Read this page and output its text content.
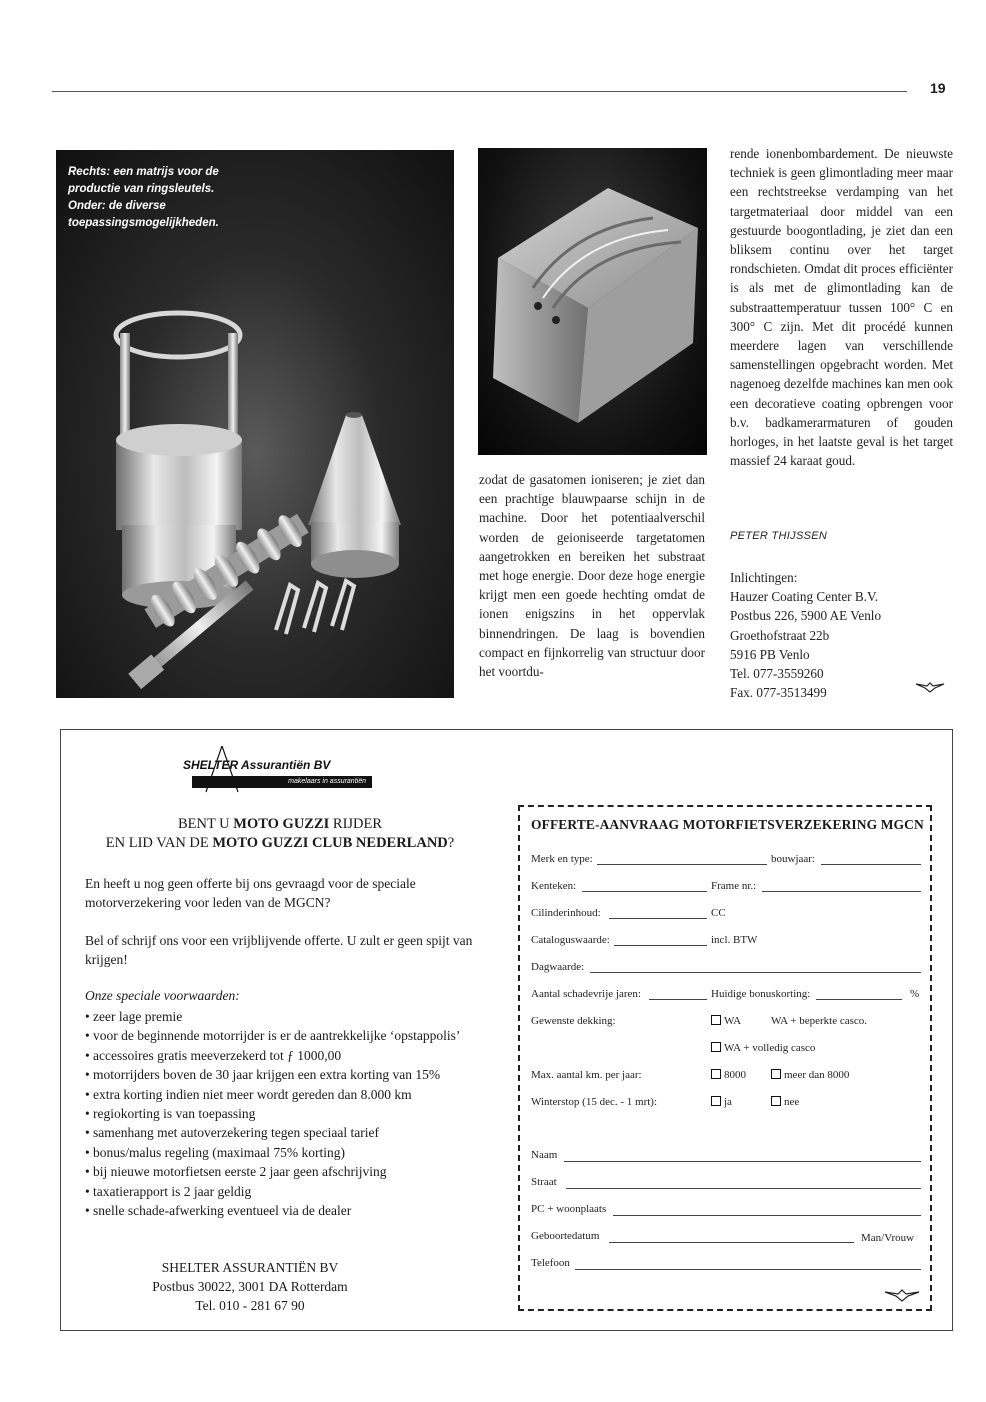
19
Rechts: een matrijs voor de productie van ringsleutels. Onder: de diverse toepassingsmogelijkheden.
zodat de gasatomen ioniseren; je ziet dan een prachtige blauwpaarse schijn in de machine. Door het potentiaalverschil worden de geioniseerde targetatomen aangetrokken en bereiken het substraat met hoge energie. Door deze hoge energie krijgt men een goede hechting omdat de ionen enigszins in het oppervlak binnendringen. De laag is bovendien compact en fijnkorrelig van structuur door het voortdu-
rende ionenbombardement. De nieuwste techniek is geen glimontlading meer maar een rechtstreekse verdamping van het targetmateriaal door middel van een gestuurde boogontlading, je ziet dan een bliksem continu over het target rondschieten. Omdat dit proces efficiënter is als met de glimontlading kan de substraattemperatuur tussen 100° C en 300° C zijn. Met dit procédé kunnen meerdere lagen van verschillende samenstellingen opgebracht worden. Met nagenoeg dezelfde machines kan men ook een decoratieve coating opbrengen voor b.v. badkamerarmaturen of gouden horloges, in het laatste geval is het target massief 24 karaat goud.
PETER THIJSSEN
Inlichtingen:
Hauzer Coating Center B.V.
Postbus 226, 5900 AE Venlo
Groethofstraat 22b
5916 PB Venlo
Tel. 077-3559260
Fax. 077-3513499
SHELTER Assurantiën BV
makelaars in assurantiën
BENT U MOTO GUZZI RIJDER
EN LID VAN DE MOTO GUZZI CLUB NEDERLAND?
En heeft u nog geen offerte bij ons gevraagd voor de speciale motorverzekering voor leden van de MGCN?
Bel of schrijf ons voor een vrijblijvende offerte. U zult er geen spijt van krijgen!
Onze speciale voorwaarden:
• zeer lage premie
• voor de beginnende motorrijder is er de aantrekkelijke ‘opstappolis’
• accessoires gratis meeverzekerd tot ƒ 1000,00
• motorrijders boven de 30 jaar krijgen een extra korting van 15%
• extra korting indien niet meer wordt gereden dan 8.000 km
• regiokorting is van toepassing
• samenhang met autoverzekering tegen speciaal tarief
• bonus/malus regeling (maximaal 75% korting)
• bij nieuwe motorfietsen eerste 2 jaar geen afschrijving
• taxatierapport is 2 jaar geldig
• snelle schade-afwerking eventueel via de dealer
SHELTER ASSURANTIËN BV
Postbus 30022, 3001 DA Rotterdam
Tel. 010 - 281 67 90
OFFERTE-AANVRAAG MOTORFIETSVERZEKERING MGCN
Merk en type:	bouwjaar:
Kenteken:	Frame nr.:
Cilinderinhoud:	CC
Cataloguswaarde:	incl. BTW
Dagwaarde:
Aantal schadevrije jaren:	Huidige bonuskorting:	%
Gewenste dekking:	WA	WA + beperkte casco.
WA + volledig casco
Max. aantal km. per jaar:	8000	meer dan 8000
Winterstop (15 dec. - 1 mrt):	ja	nee
Naam
Straat
PC + woonplaats
Geboortedatum	Man/Vrouw
Telefoon
